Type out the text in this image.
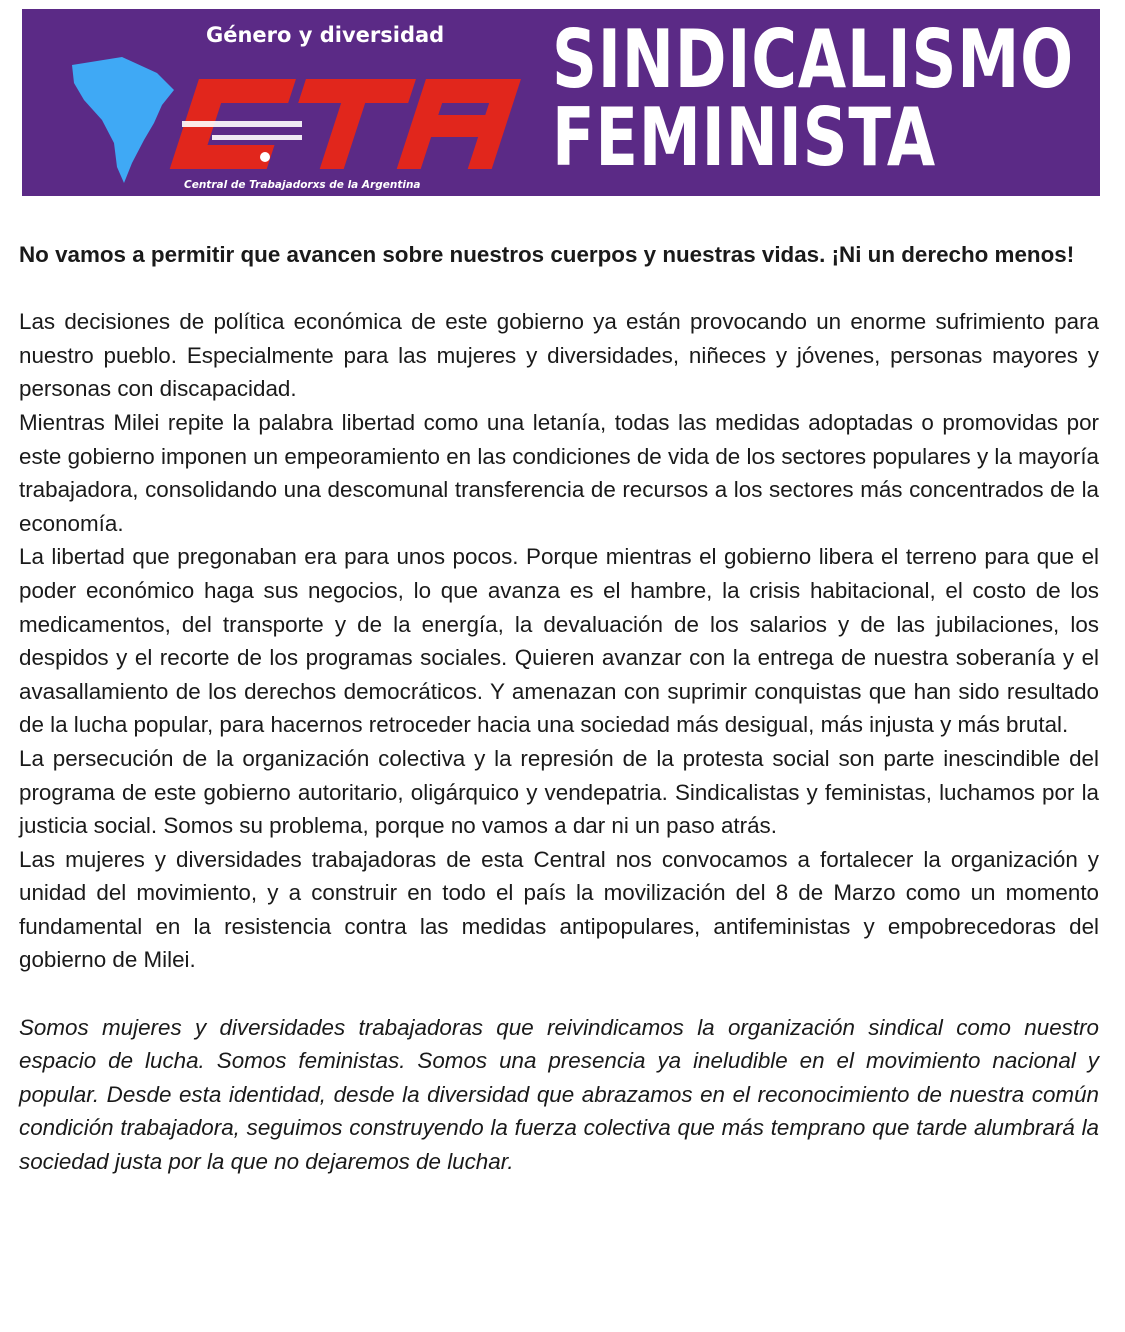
Género y diversidad
Central de Trabajadorxs de la Argentina
SINDICALISMO
FEMINISTA

No vamos a permitir que avancen sobre nuestros cuerpos y nuestras vidas. ¡Ni un derecho menos!

Las decisiones de política económica de este gobierno ya están provocando un enorme sufrimiento para nuestro pueblo. Especialmente para las mujeres y diversidades, niñeces y jóvenes, personas mayores y personas con discapacidad.

Mientras Milei repite la palabra libertad como una letanía, todas las medidas adoptadas o promovidas por este gobierno imponen un empeoramiento en las condiciones de vida de los sectores populares y la mayoría trabajadora, consolidando una descomunal transferencia de recursos a los sectores más concentrados de la economía.

La libertad que pregonaban era para unos pocos. Porque mientras el gobierno libera el terreno para que el poder económico haga sus negocios, lo que avanza es el hambre, la crisis habitacional, el costo de los medicamentos, del transporte y de la energía, la devaluación de los salarios y de las jubilaciones, los despidos y el recorte de los programas sociales. Quieren avanzar con la entrega de nuestra soberanía y el avasallamiento de los derechos democráticos. Y amenazan con suprimir conquistas que han sido resultado de la lucha popular, para hacernos retroceder hacia una sociedad más desigual, más injusta y más brutal.

La persecución de la organización colectiva y la represión de la protesta social son parte inescindible del programa de este gobierno autoritario, oligárquico y vendepatria. Sindicalistas y feministas, luchamos por la justicia social. Somos su problema, porque no vamos a dar ni un paso atrás.

Las mujeres y diversidades trabajadoras de esta Central nos convocamos a fortalecer la organización y unidad del movimiento, y a construir en todo el país la movilización del 8 de Marzo como un momento fundamental en la resistencia contra las medidas antipopulares, antifeministas y empobrecedoras del gobierno de Milei.

Somos mujeres y diversidades trabajadoras que reivindicamos la organización sindical como nuestro espacio de lucha. Somos feministas. Somos una presencia ya ineludible en el movimiento nacional y popular. Desde esta identidad, desde la diversidad que abrazamos en el reconocimiento de nuestra común condición trabajadora, seguimos construyendo la fuerza colectiva que más temprano que tarde alumbrará la sociedad justa por la que no dejaremos de luchar.
